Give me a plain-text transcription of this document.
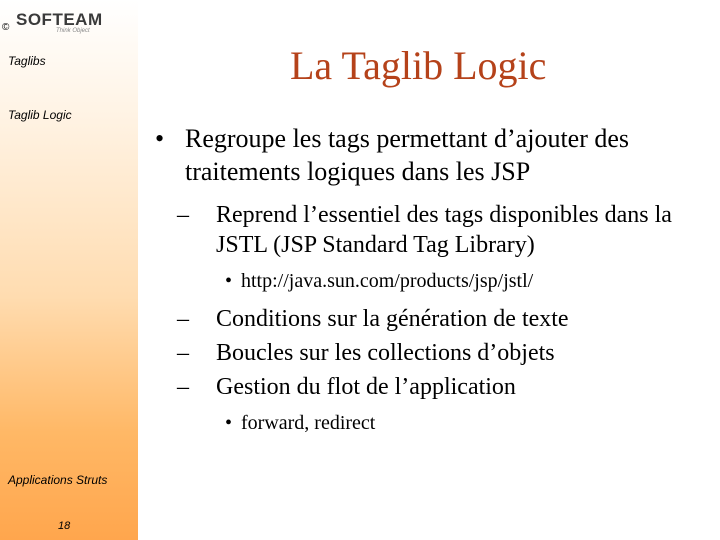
© SOFTEAM
Think Object
Taglibs
Taglib Logic
Applications Struts
18
La Taglib Logic
• Regroupe les tags permettant d’ajouter des traitements logiques dans les JSP
– Reprend l’essentiel des tags disponibles dans la JSTL (JSP Standard Tag Library)
• http://java.sun.com/products/jsp/jstl/
– Conditions sur la génération de texte
– Boucles sur les collections d’objets
– Gestion du flot de l’application
• forward, redirect
